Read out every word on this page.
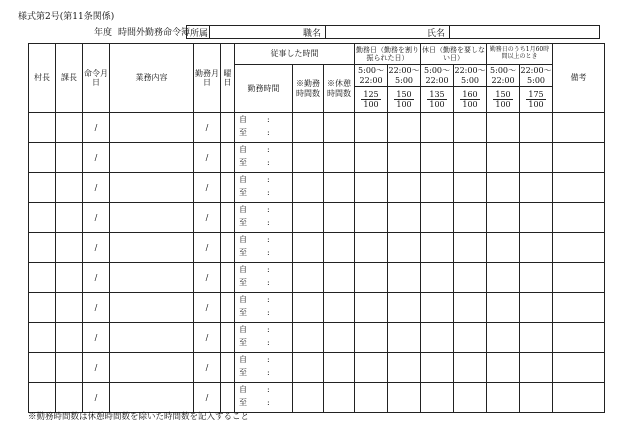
様式第2号(第11条関係)
年度 時間外勤務命令簿 所属	職名	氏名
村長	課長	命令月日	業務内容	勤務月日	曜日	従事した時間			勤務日（勤務を割り振られた日）		休日（勤務を要しない日）		勤務日のうち1月60時間以上のとき		備考
						勤務時間	※勤務時間数	※休憩時間数	5:00〜22:00	22:00〜5:00	5:00〜22:00	22:00〜5:00	5:00〜22:00	22:00〜5:00	

									$\frac{125}{100}$	$\frac{150}{100}$	$\frac{135}{100}$	$\frac{160}{100}$	$\frac{150}{100}$	$\frac{175}{100}$
		/		/		自 :
至 :									

		/		/		自 :
至 :									

		/		/		自 :
至 :									

		/		/		自 :
至 :									

		/		/		自 :
至 :									

		/		/		自 :
至 :									

		/		/		自 :
至 :									

		/		/		自 :
至 :									

		/		/		自 :
至 :									

		/		/		自 :
至 :									

※勤務時間数は休憩時間数を除いた時間数を記入すること
